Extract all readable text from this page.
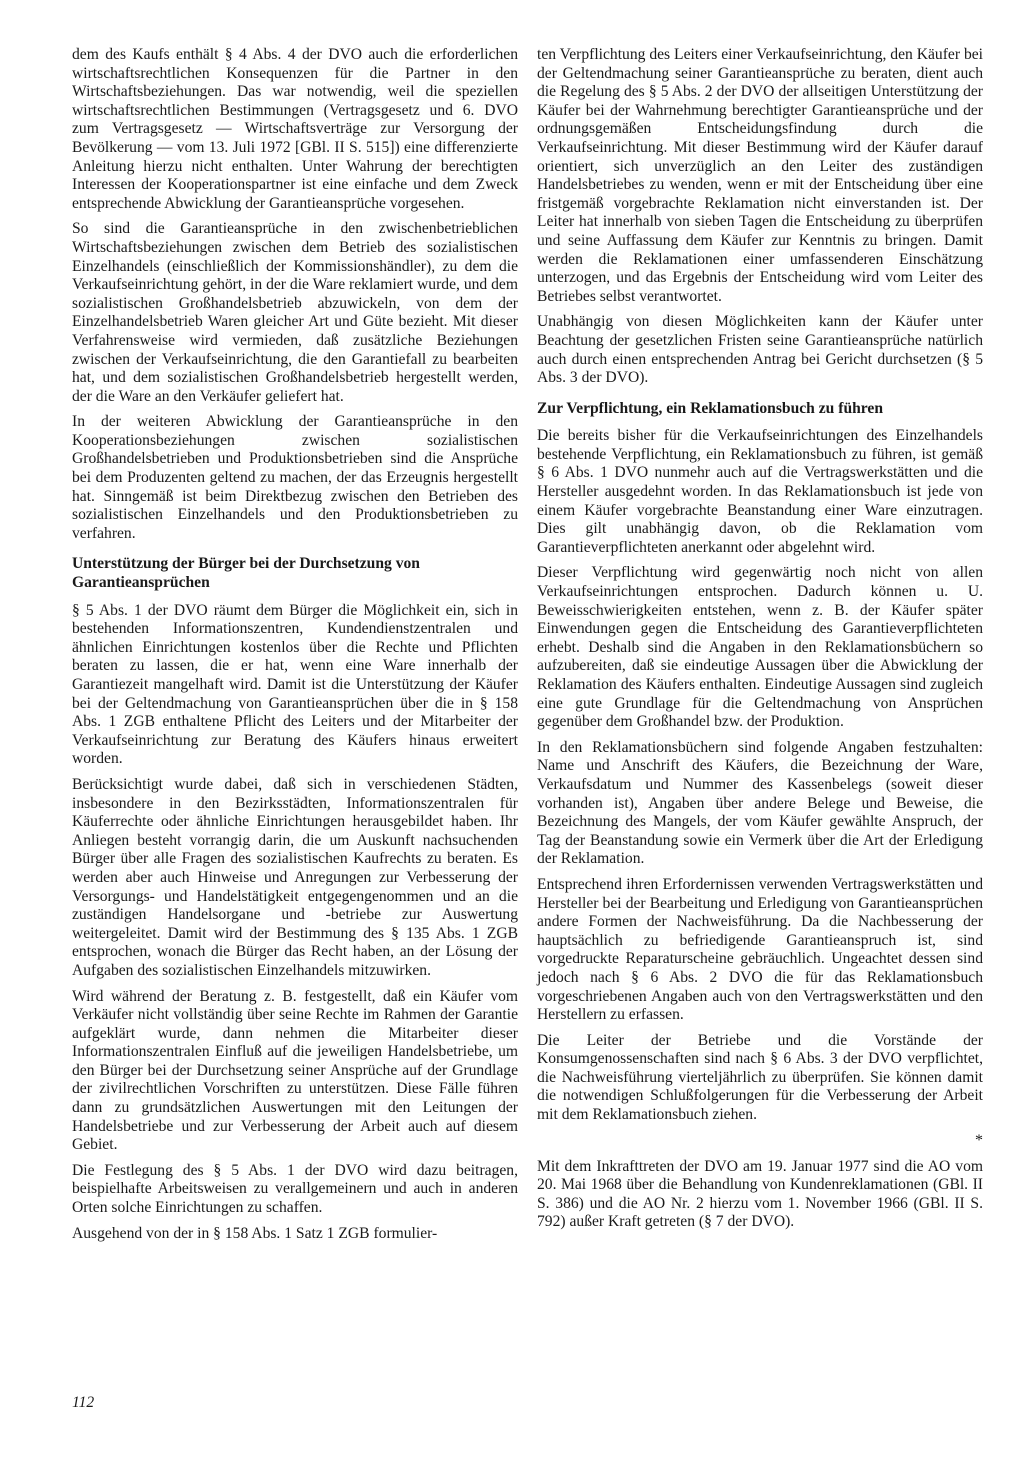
dem des Kaufs enthält § 4 Abs. 4 der DVO auch die erforderlichen wirtschaftsrechtlichen Konsequenzen für die Partner in den Wirtschaftsbeziehungen. Das war notwendig, weil die speziellen wirtschaftsrechtlichen Bestimmungen (Vertragsgesetz und 6. DVO zum Vertragsgesetz — Wirtschaftsverträge zur Versorgung der Bevölkerung — vom 13. Juli 1972 [GBl. II S. 515]) eine differenzierte Anleitung hierzu nicht enthalten. Unter Wahrung der berechtigten Interessen der Kooperationspartner ist eine einfache und dem Zweck entsprechende Abwicklung der Garantieansprüche vorgesehen.

So sind die Garantieansprüche in den zwischenbetrieblichen Wirtschaftsbeziehungen zwischen dem Betrieb des sozialistischen Einzelhandels (einschließlich der Kommissionshändler), zu dem die Verkaufseinrichtung gehört, in der die Ware reklamiert wurde, und dem sozialistischen Großhandelsbetrieb abzuwickeln, von dem der Einzelhandelsbetrieb Waren gleicher Art und Güte bezieht. Mit dieser Verfahrensweise wird vermieden, daß zusätzliche Beziehungen zwischen der Verkaufseinrichtung, die den Garantiefall zu bearbeiten hat, und dem sozialistischen Großhandelsbetrieb hergestellt werden, der die Ware an den Verkäufer geliefert hat.

In der weiteren Abwicklung der Garantieansprüche in den Kooperationsbeziehungen zwischen sozialistischen Großhandelsbetrieben und Produktionsbetrieben sind die Ansprüche bei dem Produzenten geltend zu machen, der das Erzeugnis hergestellt hat. Sinngemäß ist beim Direktbezug zwischen den Betrieben des sozialistischen Einzelhandels und den Produktionsbetrieben zu verfahren.

Unterstützung der Bürger bei der Durchsetzung von Garantieansprüchen

§ 5 Abs. 1 der DVO räumt dem Bürger die Möglichkeit ein, sich in bestehenden Informationszentren, Kundendienstzentralen und ähnlichen Einrichtungen kostenlos über die Rechte und Pflichten beraten zu lassen, die er hat, wenn eine Ware innerhalb der Garantiezeit mangelhaft wird. Damit ist die Unterstützung der Käufer bei der Geltendmachung von Garantieansprüchen über die in § 158 Abs. 1 ZGB enthaltene Pflicht des Leiters und der Mitarbeiter der Verkaufseinrichtung zur Beratung des Käufers hinaus erweitert worden.

Berücksichtigt wurde dabei, daß sich in verschiedenen Städten, insbesondere in den Bezirksstädten, Informationszentralen für Käuferrechte oder ähnliche Einrichtungen herausgebildet haben. Ihr Anliegen besteht vorrangig darin, die um Auskunft nachsuchenden Bürger über alle Fragen des sozialistischen Kaufrechts zu beraten. Es werden aber auch Hinweise und Anregungen zur Verbesserung der Versorgungs- und Handelstätigkeit entgegengenommen und an die zuständigen Handelsorgane und -betriebe zur Auswertung weitergeleitet. Damit wird der Bestimmung des § 135 Abs. 1 ZGB entsprochen, wonach die Bürger das Recht haben, an der Lösung der Aufgaben des sozialistischen Einzelhandels mitzuwirken.

Wird während der Beratung z. B. festgestellt, daß ein Käufer vom Verkäufer nicht vollständig über seine Rechte im Rahmen der Garantie aufgeklärt wurde, dann nehmen die Mitarbeiter dieser Informationszentralen Einfluß auf die jeweiligen Handelsbetriebe, um den Bürger bei der Durchsetzung seiner Ansprüche auf der Grundlage der zivilrechtlichen Vorschriften zu unterstützen. Diese Fälle führen dann zu grundsätzlichen Auswertungen mit den Leitungen der Handelsbetriebe und zur Verbesserung der Arbeit auch auf diesem Gebiet.

Die Festlegung des § 5 Abs. 1 der DVO wird dazu beitragen, beispielhafte Arbeitsweisen zu verallgemeinern und auch in anderen Orten solche Einrichtungen zu schaffen.

Ausgehend von der in § 158 Abs. 1 Satz 1 ZGB formulier-

ten Verpflichtung des Leiters einer Verkaufseinrichtung, den Käufer bei der Geltendmachung seiner Garantieansprüche zu beraten, dient auch die Regelung des § 5 Abs. 2 der DVO der allseitigen Unterstützung der Käufer bei der Wahrnehmung berechtigter Garantieansprüche und der ordnungsgemäßen Entscheidungsfindung durch die Verkaufseinrichtung. Mit dieser Bestimmung wird der Käufer darauf orientiert, sich unverzüglich an den Leiter des zuständigen Handelsbetriebes zu wenden, wenn er mit der Entscheidung über eine fristgemäß vorgebrachte Reklamation nicht einverstanden ist. Der Leiter hat innerhalb von sieben Tagen die Entscheidung zu überprüfen und seine Auffassung dem Käufer zur Kenntnis zu bringen. Damit werden die Reklamationen einer umfassenderen Einschätzung unterzogen, und das Ergebnis der Entscheidung wird vom Leiter des Betriebes selbst verantwortet.

Unabhängig von diesen Möglichkeiten kann der Käufer unter Beachtung der gesetzlichen Fristen seine Garantieansprüche natürlich auch durch einen entsprechenden Antrag bei Gericht durchsetzen (§ 5 Abs. 3 der DVO).

Zur Verpflichtung, ein Reklamationsbuch zu führen

Die bereits bisher für die Verkaufseinrichtungen des Einzelhandels bestehende Verpflichtung, ein Reklamationsbuch zu führen, ist gemäß § 6 Abs. 1 DVO nunmehr auch auf die Vertragswerkstätten und die Hersteller ausgedehnt worden. In das Reklamationsbuch ist jede von einem Käufer vorgebrachte Beanstandung einer Ware einzutragen. Dies gilt unabhängig davon, ob die Reklamation vom Garantieverpflichteten anerkannt oder abgelehnt wird.

Dieser Verpflichtung wird gegenwärtig noch nicht von allen Verkaufseinrichtungen entsprochen. Dadurch können u. U. Beweisschwierigkeiten entstehen, wenn z. B. der Käufer später Einwendungen gegen die Entscheidung des Garantieverpflichteten erhebt. Deshalb sind die Angaben in den Reklamationsbüchern so aufzubereiten, daß sie eindeutige Aussagen über die Abwicklung der Reklamation des Käufers enthalten. Eindeutige Aussagen sind zugleich eine gute Grundlage für die Geltendmachung von Ansprüchen gegenüber dem Großhandel bzw. der Produktion.

In den Reklamationsbüchern sind folgende Angaben festzuhalten: Name und Anschrift des Käufers, die Bezeichnung der Ware, Verkaufsdatum und Nummer des Kassenbelegs (soweit dieser vorhanden ist), Angaben über andere Belege und Beweise, die Bezeichnung des Mangels, der vom Käufer gewählte Anspruch, der Tag der Beanstandung sowie ein Vermerk über die Art der Erledigung der Reklamation.

Entsprechend ihren Erfordernissen verwenden Vertragswerkstätten und Hersteller bei der Bearbeitung und Erledigung von Garantieansprüchen andere Formen der Nachweisführung. Da die Nachbesserung der hauptsächlich zu befriedigende Garantieanspruch ist, sind vorgedruckte Reparaturscheine gebräuchlich. Ungeachtet dessen sind jedoch nach § 6 Abs. 2 DVO die für das Reklamationsbuch vorgeschriebenen Angaben auch von den Vertragswerkstätten und den Herstellern zu erfassen.

Die Leiter der Betriebe und die Vorstände der Konsumgenossenschaften sind nach § 6 Abs. 3 der DVO verpflichtet, die Nachweisführung vierteljährlich zu überprüfen. Sie können damit die notwendigen Schlußfolgerungen für die Verbesserung der Arbeit mit dem Reklamationsbuch ziehen.

*

Mit dem Inkrafttreten der DVO am 19. Januar 1977 sind die AO vom 20. Mai 1968 über die Behandlung von Kundenreklamationen (GBl. II S. 386) und die AO Nr. 2 hierzu vom 1. November 1966 (GBl. II S. 792) außer Kraft getreten (§ 7 der DVO).

112
